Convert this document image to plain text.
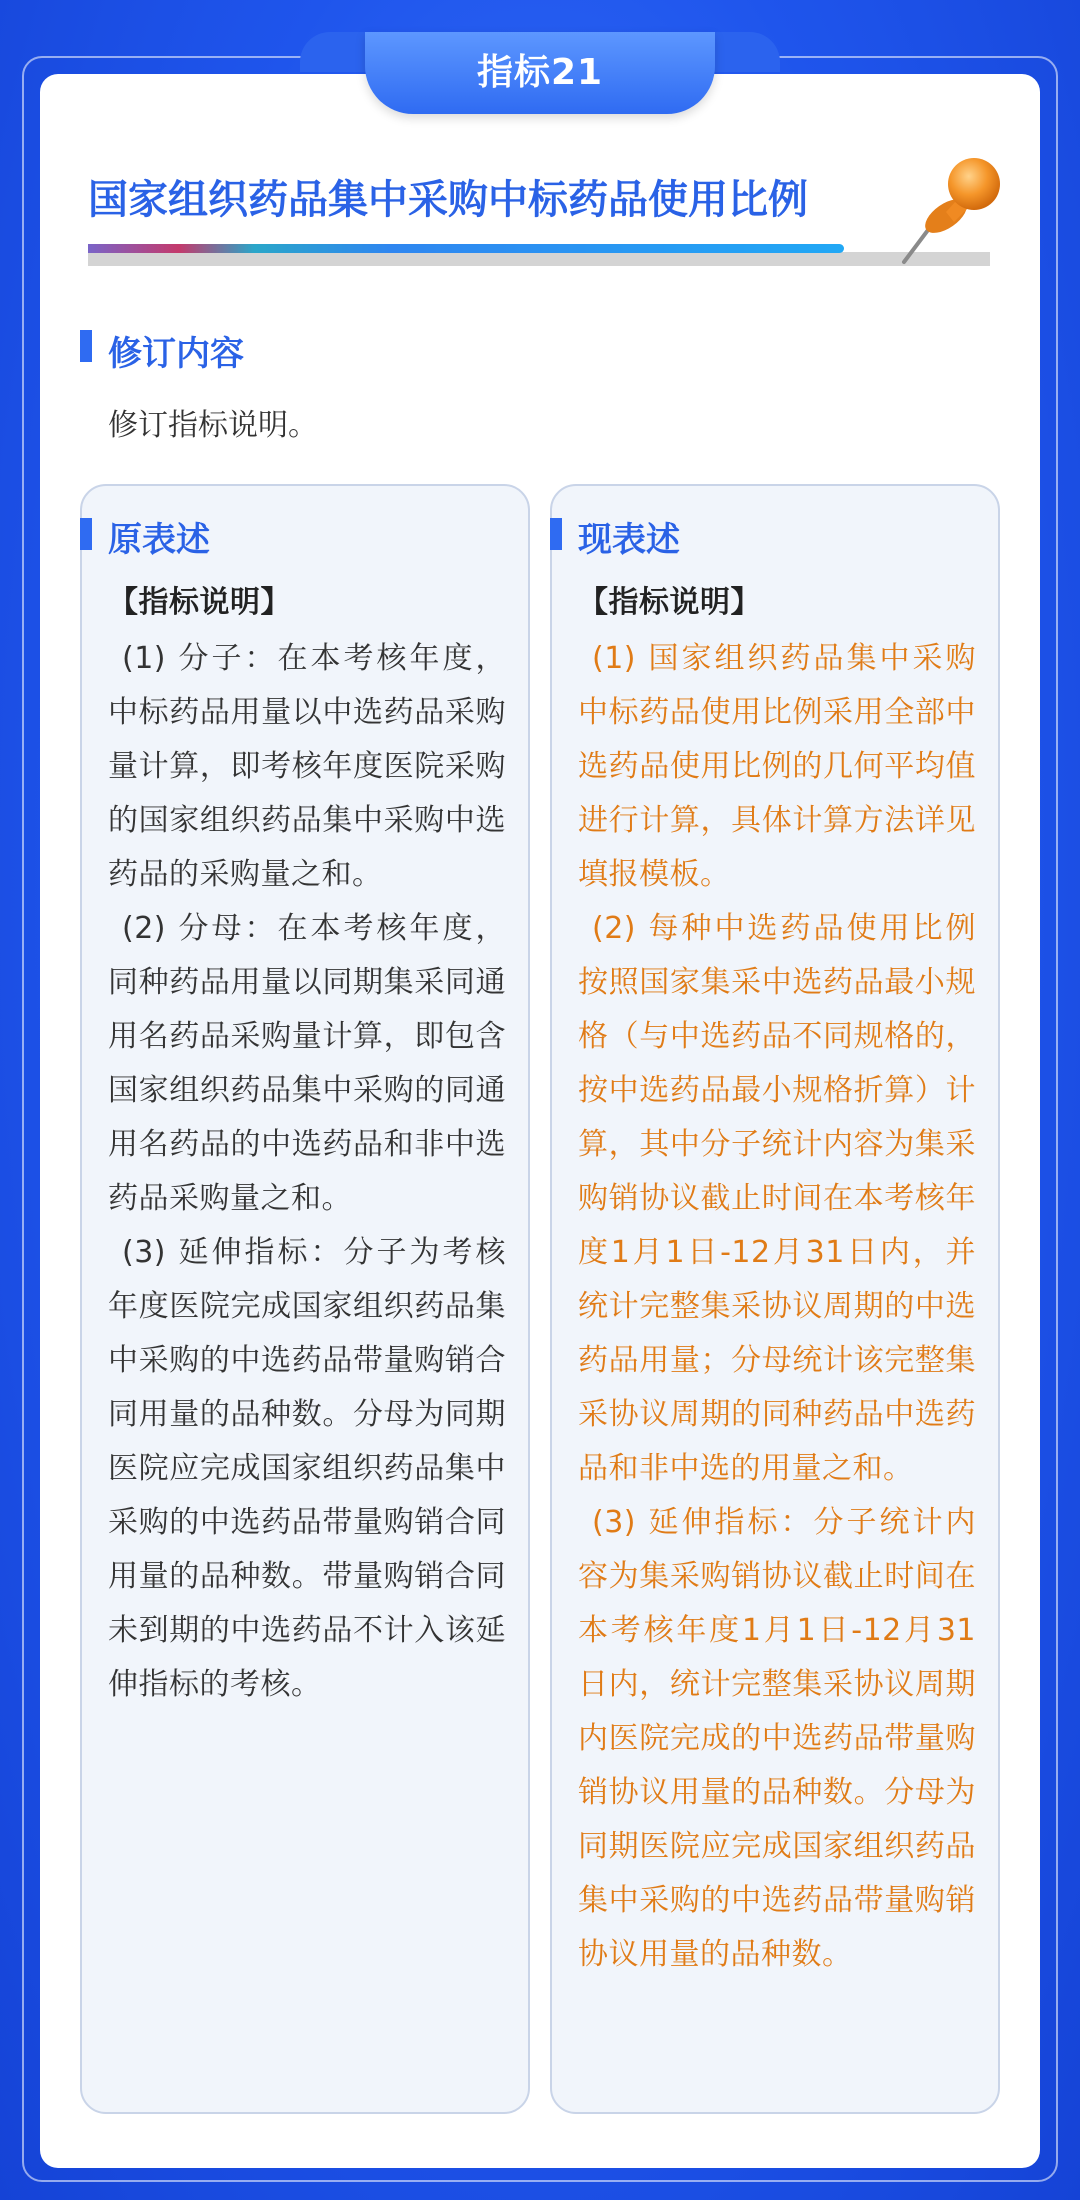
指标21
国家组织药品集中采购中标药品使用比例
修订内容
修订指标说明。
原表述

【指标说明】

(1) 分子：在本考核年度，中标药品用量以中选药品采购量计算，即考核年度医院采购的国家组织药品集中采购中选药品的采购量之和。

(2) 分母：在本考核年度，同种药品用量以同期集采同通用名药品采购量计算，即包含国家组织药品集中采购的同通用名药品的中选药品和非中选药品采购量之和。

(3) 延伸指标：分子为考核年度医院完成国家组织药品集中采购的中选药品带量购销合同用量的品种数。分母为同期医院应完成国家组织药品集中采购的中选药品带量购销合同用量的品种数。带量购销合同未到期的中选药品不计入该延伸指标的考核。

现表述

【指标说明】

(1) 国家组织药品集中采购中标药品使用比例采用全部中选药品使用比例的几何平均值进行计算，具体计算方法详见填报模板。

(2) 每种中选药品使用比例按照国家集采中选药品最小规格（与中选药品不同规格的，按中选药品最小规格折算）计算，其中分子统计内容为集采购销协议截止时间在本考核年度1月1日-12月31日内，并统计完整集采协议周期的中选药品用量；分母统计该完整集采协议周期的同种药品中选药品和非中选的用量之和。

(3) 延伸指标：分子统计内容为集采购销协议截止时间在本考核年度1月1日-12月31日内，统计完整集采协议周期内医院完成的中选药品带量购销协议用量的品种数。分母为同期医院应完成国家组织药品集中采购的中选药品带量购销协议用量的品种数。
